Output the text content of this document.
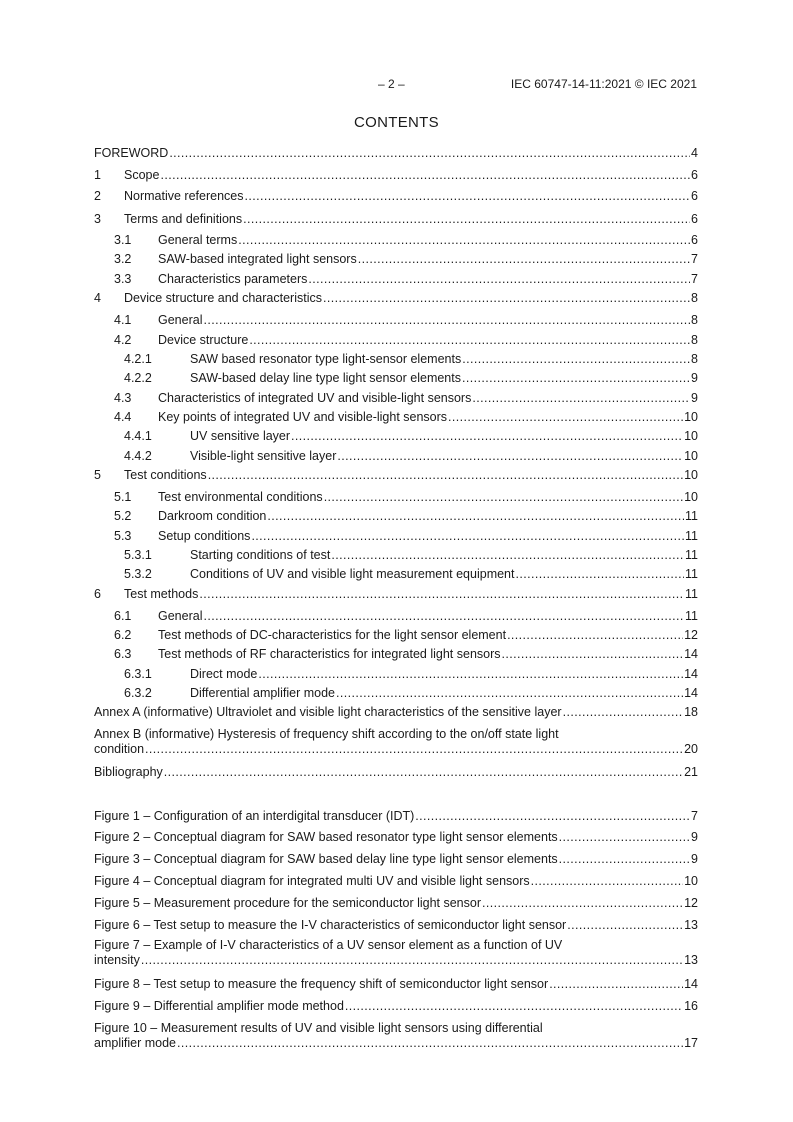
– 2 –	IEC 60747-14-11:2021 © IEC 2021
CONTENTS
FOREWORD .....	4
1	Scope .....	6
2	Normative references .....	6
3	Terms and definitions .....	6
3.1	General terms .....	6
3.2	SAW-based integrated light sensors .....	7
3.3	Characteristics parameters .....	7
4	Device structure and characteristics .....	8
4.1	General .....	8
4.2	Device structure .....	8
4.2.1	SAW based resonator type light-sensor elements .....	8
4.2.2	SAW-based delay line type light sensor elements .....	9
4.3	Characteristics of integrated UV and visible-light sensors .....	9
4.4	Key points of integrated UV and visible-light sensors .....	10
4.4.1	UV sensitive layer .....	10
4.4.2	Visible-light sensitive layer .....	10
5	Test conditions .....	10
5.1	Test environmental conditions .....	10
5.2	Darkroom condition .....	11
5.3	Setup conditions .....	11
5.3.1	Starting conditions of test .....	11
5.3.2	Conditions of UV and visible light measurement equipment .....	11
6	Test methods .....	11
6.1	General .....	11
6.2	Test methods of DC-characteristics for the light sensor element .....	12
6.3	Test methods of RF characteristics for integrated light sensors .....	14
6.3.1	Direct mode .....	14
6.3.2	Differential amplifier mode .....	14
Annex A (informative) Ultraviolet and visible light characteristics of the sensitive layer .....	18
Annex B (informative) Hysteresis of frequency shift according to the on/off state light
condition .....	20
Bibliography .....	21
Figure 1 – Configuration of an interdigital transducer (IDT) .....	7
Figure 2 – Conceptual diagram for SAW based resonator type light sensor elements .....	9
Figure 3 – Conceptual diagram for SAW based delay line type light sensor elements .....	9
Figure 4 – Conceptual diagram for integrated multi UV and visible light sensors .....	10
Figure 5 – Measurement procedure for the semiconductor light sensor .....	12
Figure 6 – Test setup to measure the I-V characteristics of semiconductor light sensor .....	13
Figure 7 – Example of I-V characteristics of a UV sensor element as a function of UV
intensity .....	13
Figure 8 – Test setup to measure the frequency shift of semiconductor light sensor .....	14
Figure 9 – Differential amplifier mode method .....	16
Figure 10 – Measurement results of UV and visible light sensors using differential
amplifier mode .....	17
